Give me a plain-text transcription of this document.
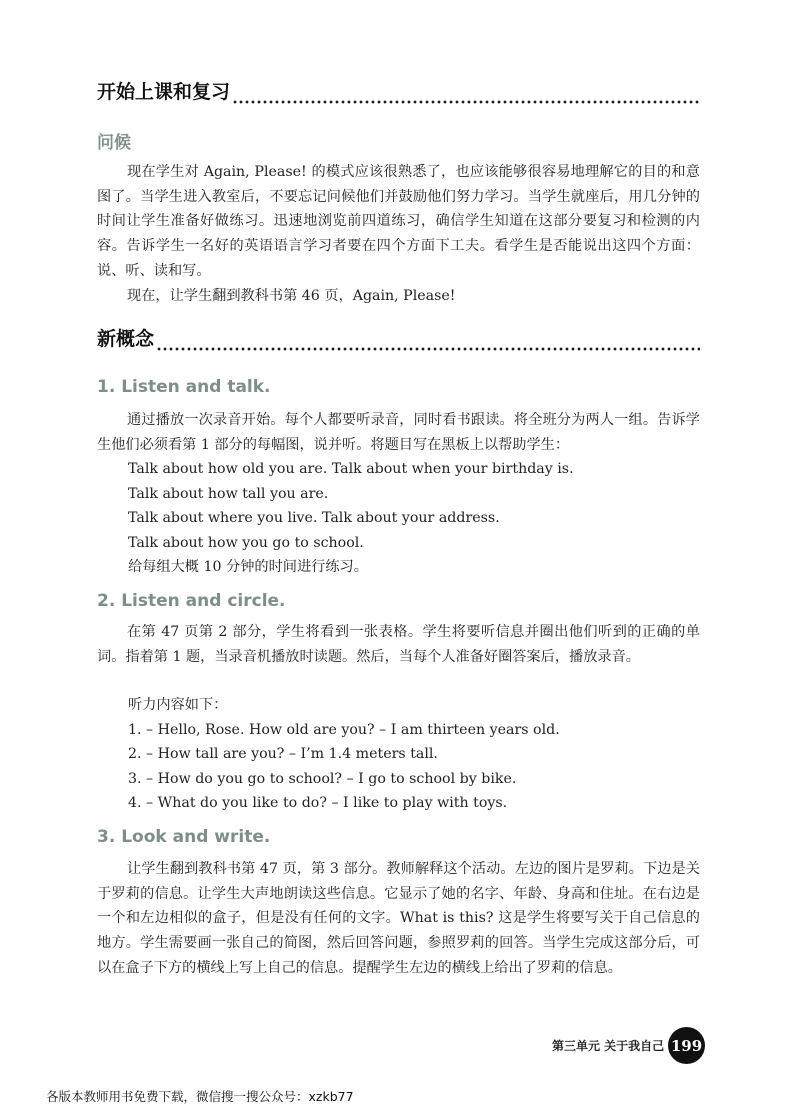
开始上课和复习
问候

现在学生对 Again, Please! 的模式应该很熟悉了，也应该能够很容易地理解它的目的和意图了。当学生进入教室后，不要忘记问候他们并鼓励他们努力学习。当学生就座后，用几分钟的时间让学生准备好做练习。迅速地浏览前四道练习，确信学生知道在这部分要复习和检测的内容。告诉学生一名好的英语语言学习者要在四个方面下工夫。看学生是否能说出这四个方面：说、听、读和写。

现在，让学生翻到教科书第 46 页，Again, Please!

新概念
1. Listen and talk.

通过播放一次录音开始。每个人都要听录音，同时看书跟读。将全班分为两人一组。告诉学生他们必须看第 1 部分的每幅图，说并听。将题目写在黑板上以帮助学生：

Talk about how old you are. Talk about when your birthday is.

Talk about how tall you are.

Talk about where you live. Talk about your address.

Talk about how you go to school.

给每组大概 10 分钟的时间进行练习。

2. Listen and circle.

在第 47 页第 2 部分，学生将看到一张表格。学生将要听信息并圈出他们听到的正确的单词。指着第 1 题，当录音机播放时读题。然后，当每个人准备好圈答案后，播放录音。

听力内容如下：

1. – Hello, Rose. How old are you? – I am thirteen years old.

2. – How tall are you? – I’m 1.4 meters tall.

3. – How do you go to school? – I go to school by bike.

4. – What do you like to do? – I like to play with toys.

3. Look and write.

让学生翻到教科书第 47 页，第 3 部分。教师解释这个活动。左边的图片是罗莉。下边是关于罗莉的信息。让学生大声地朗读这些信息。它显示了她的名字、年龄、身高和住址。在右边是一个和左边相似的盒子，但是没有任何的文字。What is this? 这是学生将要写关于自己信息的地方。学生需要画一张自己的简图，然后回答问题，参照罗莉的回答。当学生完成这部分后，可以在盒子下方的横线上写上自己的信息。提醒学生左边的横线上给出了罗莉的信息。

第三单元 关于我自己 199
各版本教师用书免费下载，微信搜一搜公众号：xzkb77
